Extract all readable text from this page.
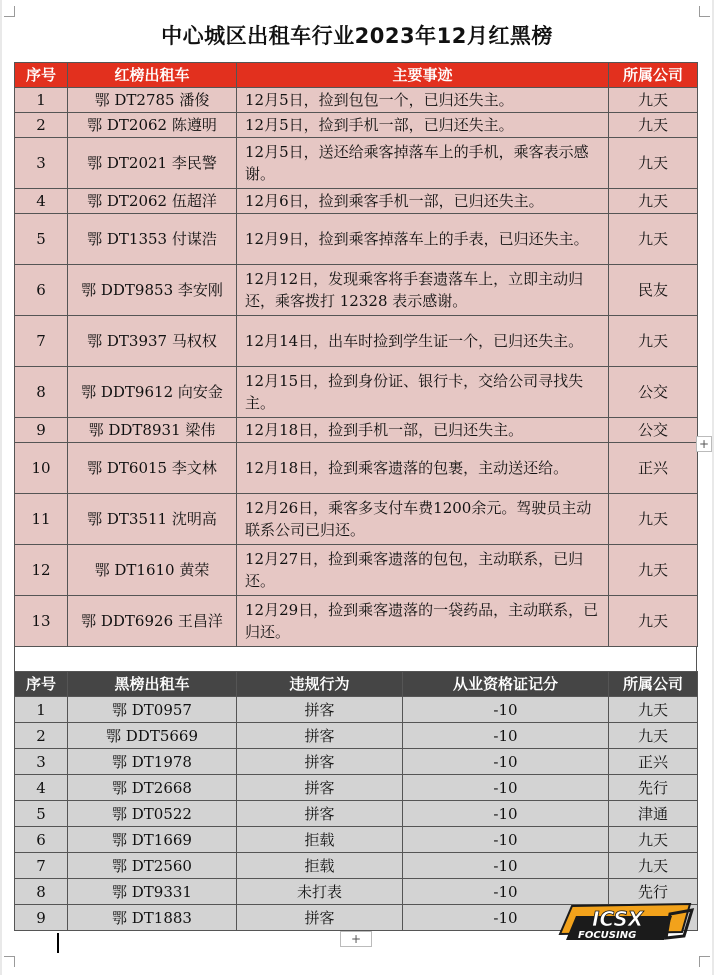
中心城区出租车行业2023年12月红黑榜
序号	红榜出租车	主要事迹	所属公司
1	鄂 DT2785 潘俊	12月5日，捡到包包一个，已归还失主。	九天
2	鄂 DT2062 陈遵明	12月5日，捡到手机一部，已归还失主。	九天
3	鄂 DT2021 李民警	12月5日，送还给乘客掉落车上的手机，乘客表示感谢。	九天
4	鄂 DT2062 伍超洋	12月6日，捡到乘客手机一部，已归还失主。	九天
5	鄂 DT1353 付谋浩	12月9日，捡到乘客掉落车上的手表，已归还失主。	九天
6	鄂 DDT9853 李安刚	12月12日，发现乘客将手套遗落车上，立即主动归还，乘客拨打 12328 表示感谢。	民友
7	鄂 DT3937 马权权	12月14日，出车时捡到学生证一个，已归还失主。	九天
8	鄂 DDT9612 向安金	12月15日，捡到身份证、银行卡，交给公司寻找失主。	公交
9	鄂 DDT8931 梁伟	12月18日，捡到手机一部，已归还失主。	公交
10	鄂 DT6015 李文林	12月18日，捡到乘客遗落的包裹，主动送还给。	正兴
11	鄂 DT3511 沈明高	12月26日，乘客多支付车费1200余元。驾驶员主动联系公司已归还。	九天
12	鄂 DT1610 黄荣	12月27日，捡到乘客遗落的包包，主动联系，已归还。	九天
13	鄂 DDT6926 王昌洋	12月29日，捡到乘客遗落的一袋药品，主动联系，已归还。	九天
序号	黑榜出租车	违规行为	从业资格证记分	所属公司
1	鄂 DT0957	拼客	-10	九天
2	鄂 DDT5669	拼客	-10	九天
3	鄂 DT1978	拼客	-10	正兴
4	鄂 DT2668	拼客	-10	先行
5	鄂 DT0522	拼客	-10	津通
6	鄂 DT1669	拒载	-10	九天
7	鄂 DT2560	拒载	-10	九天
8	鄂 DT9331	未打表	-10	先行
9	鄂 DT1883	拼客	-10	
+
+
ICSX
FOCUSING
